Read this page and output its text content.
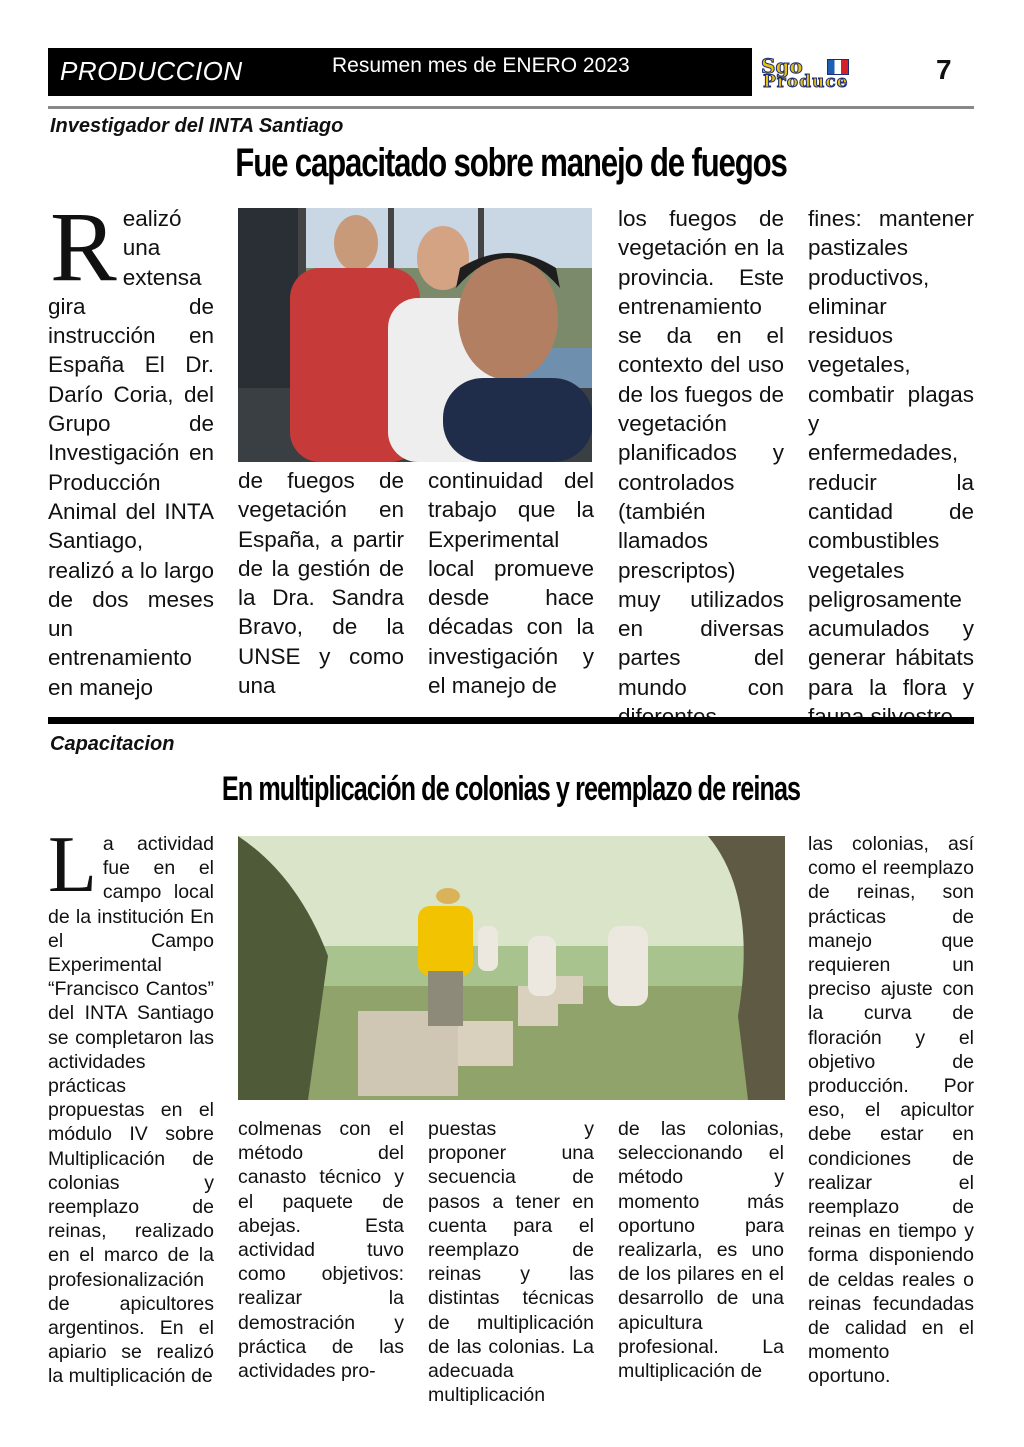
PRODUCCION	Resumen mes de ENERO 2023	Sgo
Produce	7
Investigador del INTA Santiago
Fue capacitado sobre manejo de fuegos
Realizó una extensa gira de instrucción en España El Dr. Darío Coria, del Grupo de Investigación en Producción Animal del INTA Santiago, realizó a lo largo de dos meses un entrenamiento en manejo
de fuegos de vegetación en España, a partir de la gestión de la Dra. Sandra Bravo, de la UNSE y como una
continuidad del trabajo que la Experimental local promueve desde hace décadas con la investigación y el manejo de
los fuegos de vegetación en la provincia. Este entrenamiento se da en el contexto del uso de los fuegos de vegetación planificados y controlados (también llamados prescriptos) muy utilizados en diversas partes del mundo con
fines: mantener pastizales productivos, eliminar residuos vegetales, combatir plagas y enfermedades, reducir la cantidad de combustibles vegetales peligrosamente acumulados y generar hábitats para la flora y
Capacitacion
En multiplicación de colonias y reemplazo de reinas
La actividad fue en el campo local de la institución En el Campo Experimental “Francisco Cantos” del INTA Santiago se completaron las actividades prácticas propuestas en el módulo IV sobre Multiplicación de colonias y reemplazo de reinas, realizado en el marco de la profesionalización de apicultores argentinos. En el apiario se realizó la multiplicación de
colmenas con el método del canasto técnico y el paquete de abejas. Esta actividad tuvo como objetivos: realizar la demostración y práctica de las actividades pro-
puestas y proponer una secuencia de pasos a tener en cuenta para el reemplazo de reinas y las distintas técnicas de multiplicación de las colonias. La adecuada multiplicación
de las colonias, seleccionando el método y momento más oportuno para realizarla, es uno de los pilares en el desarrollo de una apicultura profesional. La multiplicación de
las colonias, así como el reemplazo de reinas, son prácticas de manejo que requieren un preciso ajuste con la curva de floración y el objetivo de producción. Por eso, el apicultor debe estar en condiciones de realizar el reemplazo de reinas en tiempo y forma disponiendo de celdas reales o reinas fecundadas de calidad en el momento oportuno.
